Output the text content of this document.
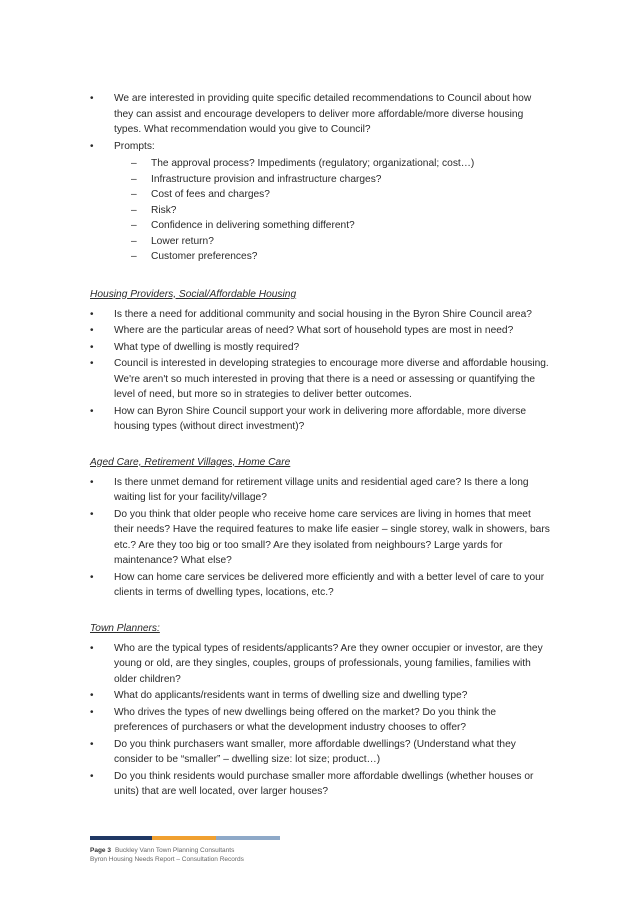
• We are interested in providing quite specific detailed recommendations to Council about how they can assist and encourage developers to deliver more affordable/more diverse housing types. What recommendation would you give to Council?
• Prompts:
– The approval process? Impediments (regulatory; organizational; cost…)
– Infrastructure provision and infrastructure charges?
– Cost of fees and charges?
– Risk?
– Confidence in delivering something different?
– Lower return?
– Customer preferences?

Housing Providers, Social/Affordable Housing

• Is there a need for additional community and social housing in the Byron Shire Council area?
• Where are the particular areas of need? What sort of household types are most in need?
• What type of dwelling is mostly required?
• Council is interested in developing strategies to encourage more diverse and affordable housing. We're aren't so much interested in proving that there is a need or assessing or quantifying the level of need, but more so in strategies to deliver better outcomes.
• How can Byron Shire Council support your work in delivering more affordable, more diverse housing types (without direct investment)?

Aged Care, Retirement Villages, Home Care

• Is there unmet demand for retirement village units and residential aged care? Is there a long waiting list for your facility/village?
• Do you think that older people who receive home care services are living in homes that meet their needs? Have the required features to make life easier – single storey, walk in showers, bars etc.? Are they too big or too small? Are they isolated from neighbours? Large yards for maintenance? What else?
• How can home care services be delivered more efficiently and with a better level of care to your clients in terms of dwelling types, locations, etc.?

Town Planners:

• Who are the typical types of residents/applicants? Are they owner occupier or investor, are they young or old, are they singles, couples, groups of professionals, young families, families with older children?
• What do applicants/residents want in terms of dwelling size and dwelling type?
• Who drives the types of new dwellings being offered on the market? Do you think the preferences of purchasers or what the development industry chooses to offer?
• Do you think purchasers want smaller, more affordable dwellings? (Understand what they consider to be “smaller” – dwelling size: lot size; product…)
• Do you think residents would purchase smaller more affordable dwellings (whether houses or units) that are well located, over larger houses?
Page 3 Buckley Vann Town Planning Consultants
Byron Housing Needs Report – Consultation Records
